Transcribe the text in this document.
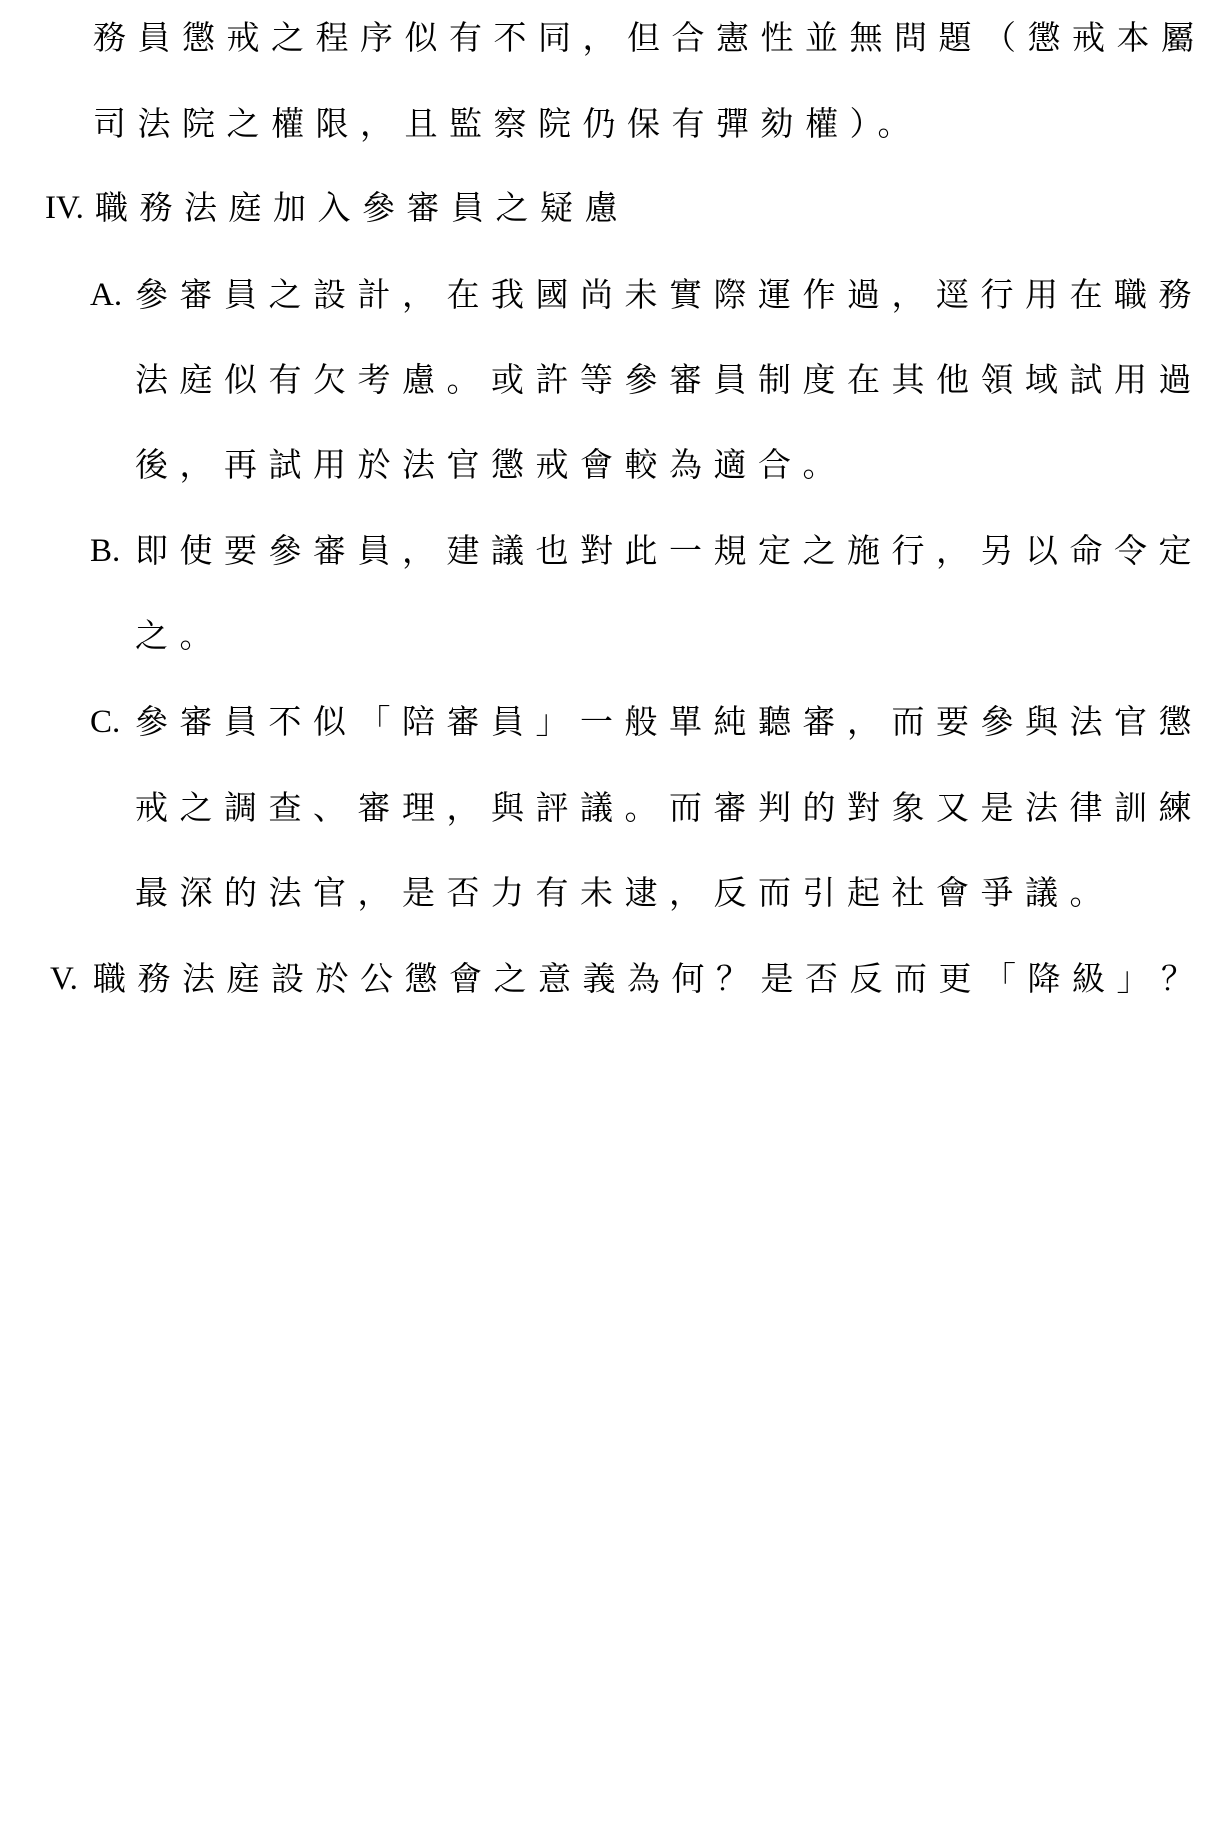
務員懲戒之程序似有不同，但合憲性並無問題（懲戒本屬
司法院之權限，且監察院仍保有彈劾權）。
IV. 職務法庭加入參審員之疑慮
A. 參審員之設計，在我國尚未實際運作過，逕行用在職務
法庭似有欠考慮。或許等參審員制度在其他領域試用過
後，再試用於法官懲戒會較為適合。
B. 即使要參審員，建議也對此一規定之施行，另以命令定
之。
C. 參審員不似「陪審員」一般單純聽審，而要參與法官懲
戒之調查、審理，與評議。而審判的對象又是法律訓練
最深的法官，是否力有未逮，反而引起社會爭議。
V. 職務法庭設於公懲會之意義為何？是否反而更「降級」？
